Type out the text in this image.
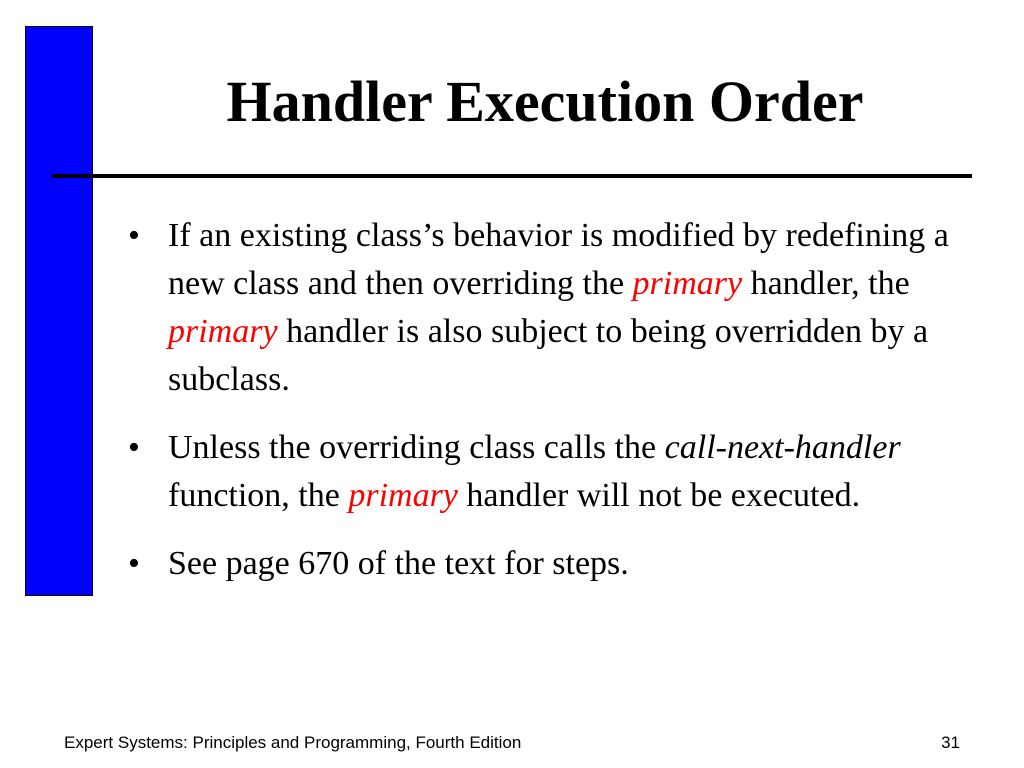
Handler Execution Order
• If an existing class’s behavior is modified by redefining a new class and then overriding the primary handler, the primary handler is also subject to being overridden by a subclass.
• Unless the overriding class calls the call-next-handler function, the primary handler will not be executed.
• See page 670 of the text for steps.
Expert Systems: Principles and Programming, Fourth Edition	31
